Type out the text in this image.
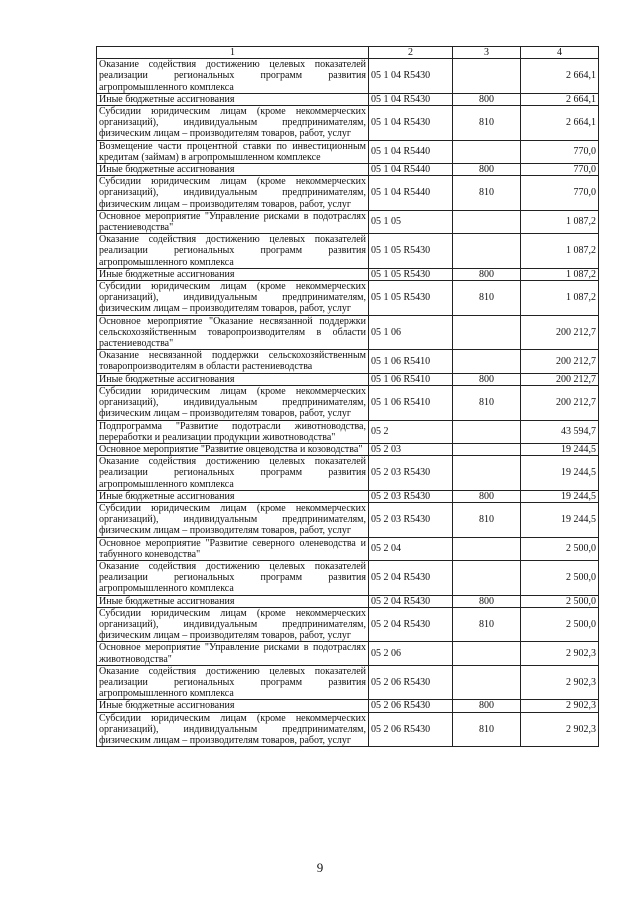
1	2	3	4
Оказание содействия достижению целевых показателей реализации региональных программ развития агропромышленного комплекса	05 1 04 R5430		2 664,1
Иные бюджетные ассигнования	05 1 04 R5430	800	2 664,1
Субсидии юридическим лицам (кроме некоммерческих организаций), индивидуальным предпринимателям, физическим лицам – производителям товаров, работ, услуг	05 1 04 R5430	810	2 664,1
Возмещение части процентной ставки по инвестиционным кредитам (займам) в агропромышленном комплексе	05 1 04 R5440		770,0
Иные бюджетные ассигнования	05 1 04 R5440	800	770,0
Субсидии юридическим лицам (кроме некоммерческих организаций), индивидуальным предпринимателям, физическим лицам – производителям товаров, работ, услуг	05 1 04 R5440	810	770,0
Основное мероприятие "Управление рисками в подотраслях растениеводства"	05 1 05		1 087,2
Оказание содействия достижению целевых показателей реализации региональных программ развития агропромышленного комплекса	05 1 05 R5430		1 087,2
Иные бюджетные ассигнования	05 1 05 R5430	800	1 087,2
Субсидии юридическим лицам (кроме некоммерческих организаций), индивидуальным предпринимателям, физическим лицам – производителям товаров, работ, услуг	05 1 05 R5430	810	1 087,2
Основное мероприятие "Оказание несвязанной поддержки сельскохозяйственным товаропроизводителям в области растениеводства"	05 1 06		200 212,7
Оказание несвязанной поддержки сельскохозяйственным товаропроизводителям в области растениеводства	05 1 06 R5410		200 212,7
Иные бюджетные ассигнования	05 1 06 R5410	800	200 212,7
Субсидии юридическим лицам (кроме некоммерческих организаций), индивидуальным предпринимателям, физическим лицам – производителям товаров, работ, услуг	05 1 06 R5410	810	200 212,7
Подпрограмма "Развитие подотрасли животноводства, переработки и реализации продукции животноводства"	05 2		43 594,7
Основное мероприятие "Развитие овцеводства и козоводства"	05 2 03		19 244,5
Оказание содействия достижению целевых показателей реализации региональных программ развития агропромышленного комплекса	05 2 03 R5430		19 244,5
Иные бюджетные ассигнования	05 2 03 R5430	800	19 244,5
Субсидии юридическим лицам (кроме некоммерческих организаций), индивидуальным предпринимателям, физическим лицам – производителям товаров, работ, услуг	05 2 03 R5430	810	19 244,5
Основное мероприятие "Развитие северного оленеводства и табунного коневодства"	05 2 04		2 500,0
Оказание содействия достижению целевых показателей реализации региональных программ развития агропромышленного комплекса	05 2 04 R5430		2 500,0
Иные бюджетные ассигнования	05 2 04 R5430	800	2 500,0
Субсидии юридическим лицам (кроме некоммерческих организаций), индивидуальным предпринимателям, физическим лицам – производителям товаров, работ, услуг	05 2 04 R5430	810	2 500,0
Основное мероприятие "Управление рисками в подотраслях животноводства"	05 2 06		2 902,3
Оказание содействия достижению целевых показателей реализации региональных программ развития агропромышленного комплекса	05 2 06 R5430		2 902,3
Иные бюджетные ассигнования	05 2 06 R5430	800	2 902,3
Субсидии юридическим лицам (кроме некоммерческих организаций), индивидуальным предпринимателям, физическим лицам – производителям товаров, работ, услуг	05 2 06 R5430	810	2 902,3
9
